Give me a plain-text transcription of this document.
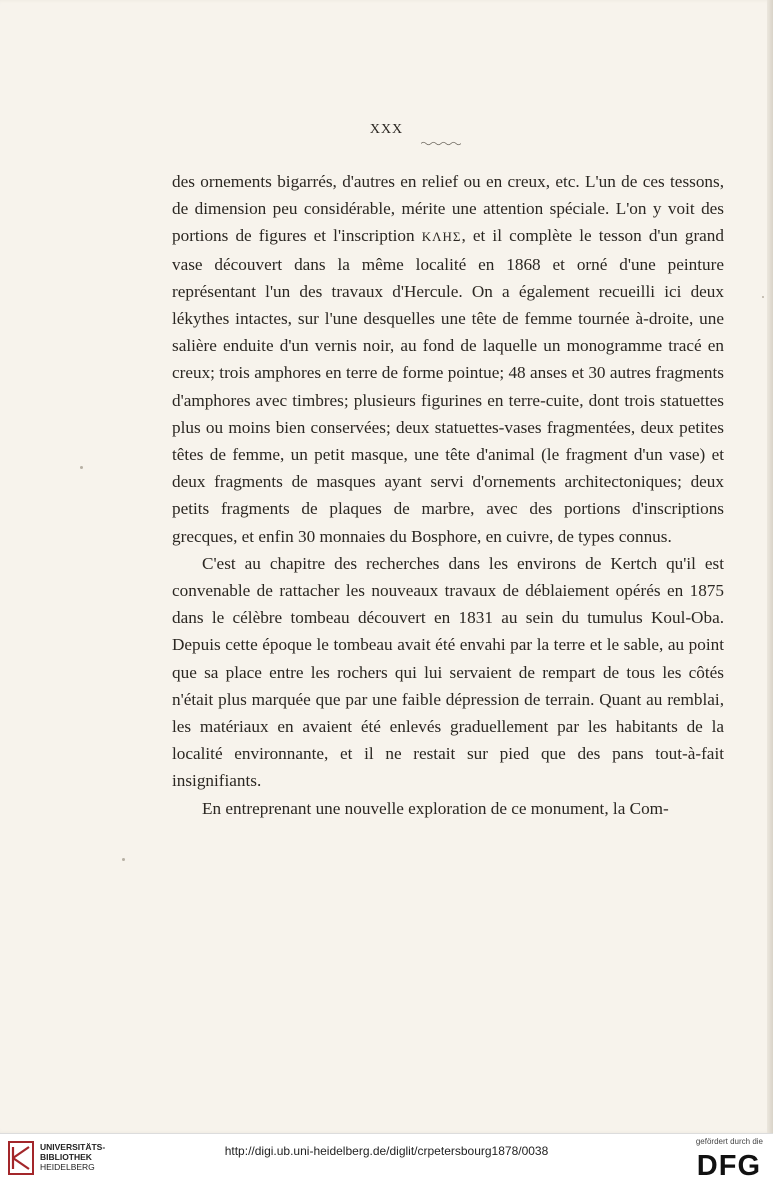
XXX

des ornements bigarrés, d'autres en relief ou en creux, etc. L'un de ces tessons, de dimension peu considérable, mérite une attention spéciale. L'on y voit des portions de figures et l'inscription ΚΛΗΣ, et il complète le tesson d'un grand vase découvert dans la même localité en 1868 et orné d'une peinture représentant l'un des travaux d'Hercule. On a également recueilli ici deux lékythes intactes, sur l'une desquelles une tête de femme tournée à-droite, une salière enduite d'un vernis noir, au fond de laquelle un monogramme tracé en creux; trois amphores en terre de forme pointue; 48 anses et 30 autres fragments d'amphores avec timbres; plusieurs figurines en terre-cuite, dont trois statuettes plus ou moins bien conservées; deux statuettes-vases fragmentées, deux petites têtes de femme, un petit masque, une tête d'animal (le fragment d'un vase) et deux fragments de masques ayant servi d'ornements architectoniques; deux petits fragments de plaques de marbre, avec des portions d'inscriptions grecques, et enfin 30 monnaies du Bosphore, en cuivre, de types connus.

C'est au chapitre des recherches dans les environs de Kertch qu'il est convenable de rattacher les nouveaux travaux de déblaiement opérés en 1875 dans le célèbre tombeau découvert en 1831 au sein du tumulus Koul-Oba. Depuis cette époque le tombeau avait été envahi par la terre et le sable, au point que sa place entre les rochers qui lui servaient de rempart de tous les côtés n'était plus marquée que par une faible dépression de terrain. Quant au remblai, les matériaux en avaient été enlevés graduellement par les habitants de la localité environnante, et il ne restait sur pied que des pans tout-à-fait insignifiants.

En entreprenant une nouvelle exploration de ce monument, la Com-

UNIVERSITÄTS-
BIBLIOTHEK
HEIDELBERG
http://digi.ub.uni-heidelberg.de/diglit/crpetersbourg1878/0038
gefördert durch die
DFG
